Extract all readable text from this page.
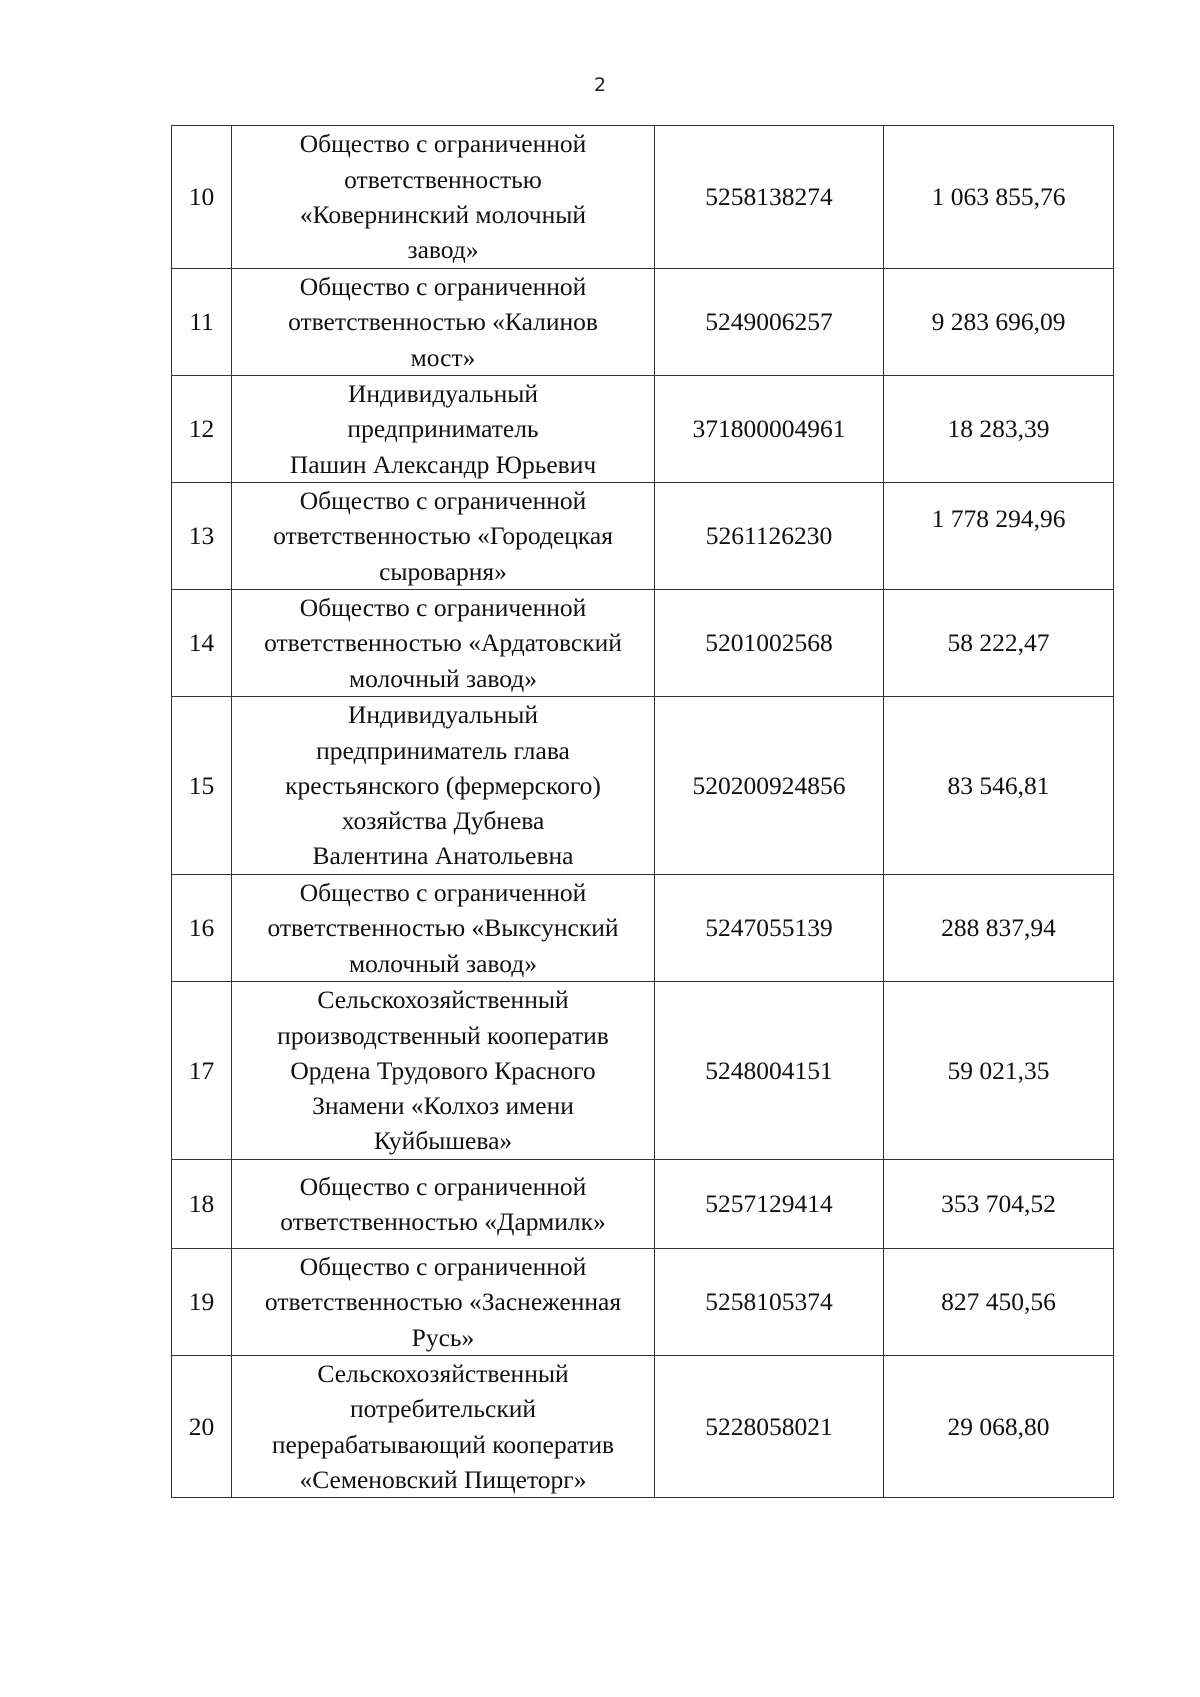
2
10	Общество с ограниченной
ответственностью
«Ковернинский молочный
завод»	5258138274	1 063 855,76
11	Общество с ограниченной
ответственностью «Калинов
мост»	5249006257	9 283 696,09
12	Индивидуальный
предприниматель
Пашин Александр Юрьевич	371800004961	18 283,39
13	Общество с ограниченной
ответственностью «Городецкая
сыроварня»	5261126230	1 778 294,96

14	Общество с ограниченной
ответственностью «Ардатовский
молочный завод»	5201002568	58 222,47
15	Индивидуальный
предприниматель глава
крестьянского (фермерского)
хозяйства Дубнева
Валентина Анатольевна	520200924856	83 546,81
16	Общество с ограниченной
ответственностью «Выксунский
молочный завод»	5247055139	288 837,94
17	Сельскохозяйственный
производственный кооператив
Ордена Трудового Красного
Знамени «Колхоз имени
Куйбышева»	5248004151	59 021,35
18	Общество с ограниченной
ответственностью «Дармилк»	5257129414	353 704,52
19	Общество с ограниченной
ответственностью «Заснеженная
Русь»	5258105374	827 450,56
20	Сельскохозяйственный
потребительский
перерабатывающий кооператив
«Семеновский Пищеторг»	5228058021	29 068,80
